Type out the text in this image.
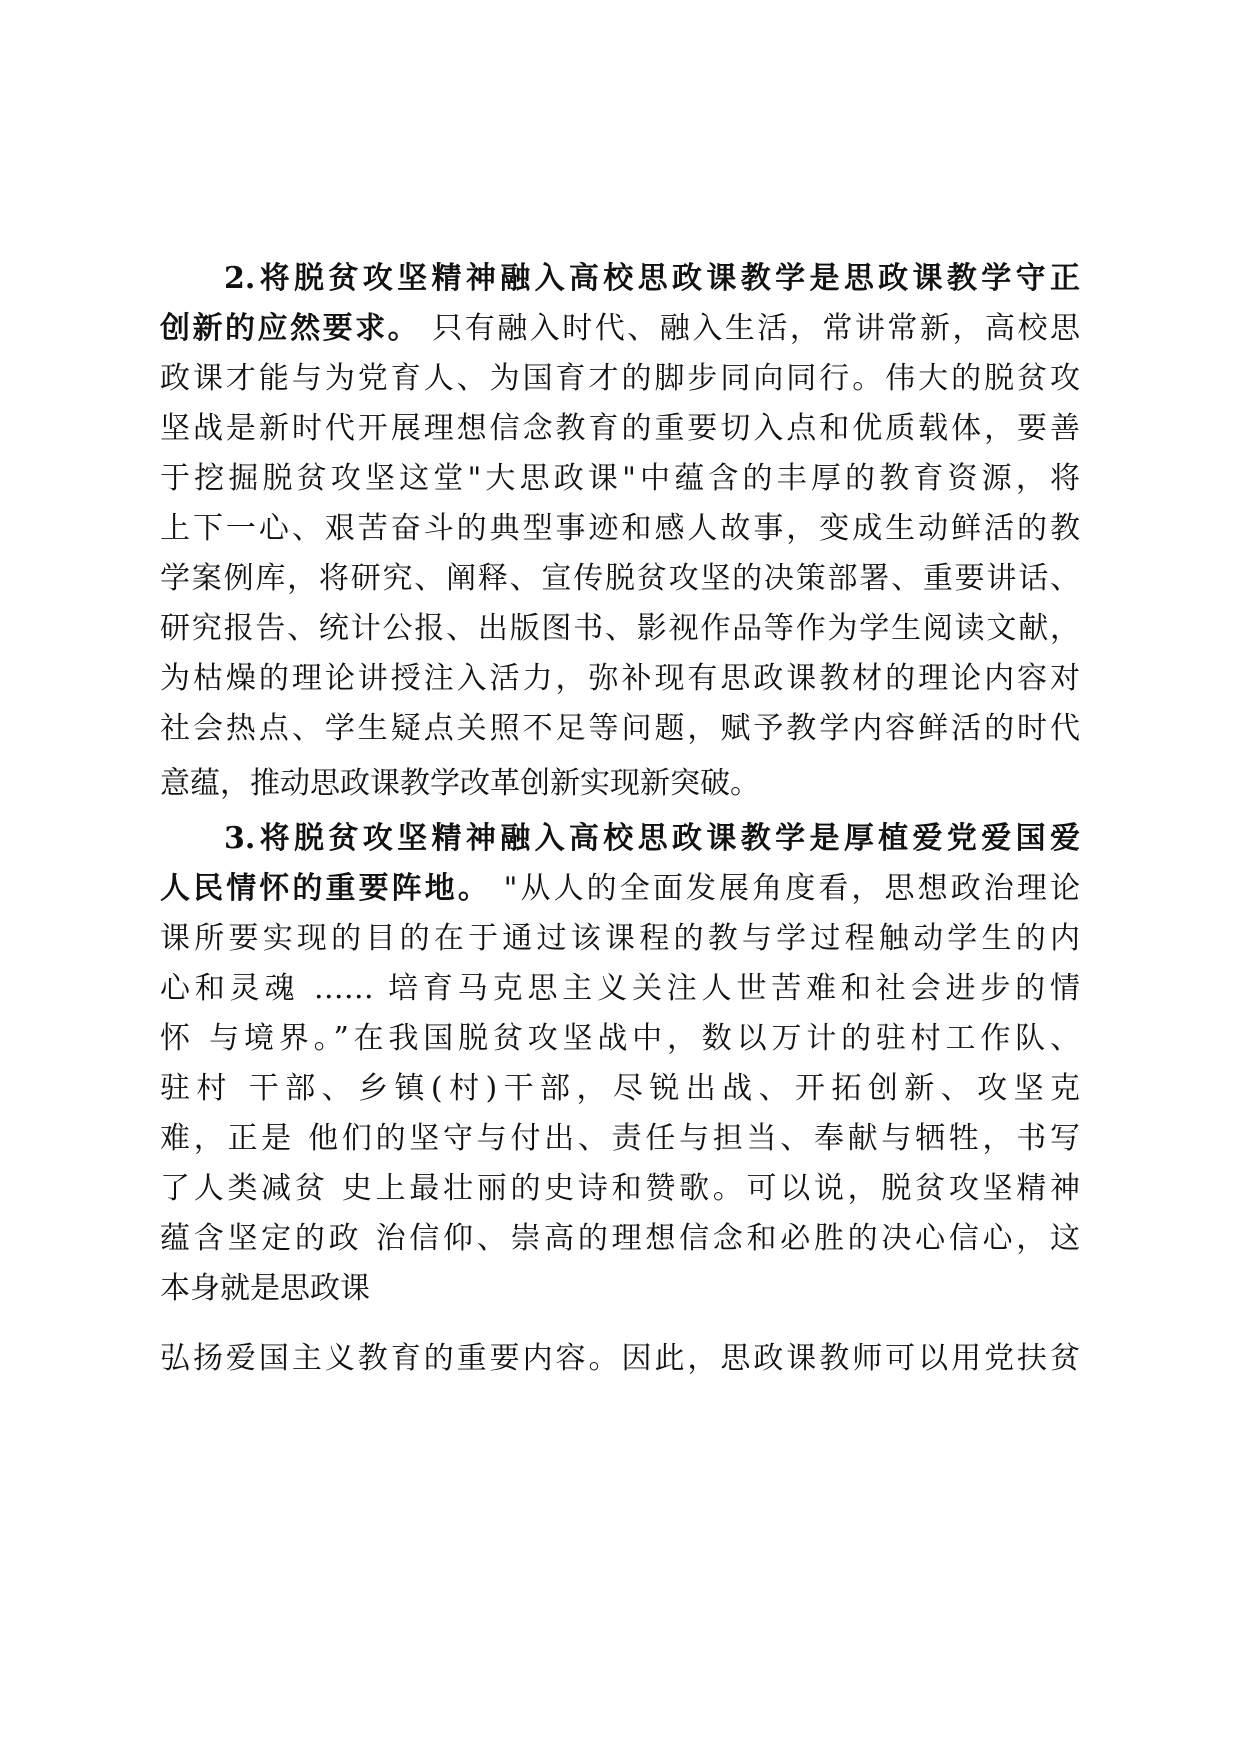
2.将脱贫攻坚精神融入高校思政课教学是思政课教学守正
创新的应然要求。 只有融入时代、融入生活，常讲常新，高校思
政课才能与为党育人、为国育才的脚步同向同行。伟大的脱贫攻
坚战是新时代开展理想信念教育的重要切入点和优质载体，要善
于挖掘脱贫攻坚这堂"大思政课"中蕴含的丰厚的教育资源，将
上下一心、艰苦奋斗的典型事迹和感人故事，变成生动鲜活的教
学案例库，将研究、阐释、宣传脱贫攻坚的决策部署、重要讲话、
研究报告、统计公报、出版图书、影视作品等作为学生阅读文献，
为枯燥的理论讲授注入活力，弥补现有思政课教材的理论内容对
社会热点、学生疑点关照不足等问题，赋予教学内容鲜活的时代
意蕴，推动思政课教学改革创新实现新突破。
3.将脱贫攻坚精神融入高校思政课教学是厚植爱党爱国爱
人民情怀的重要阵地。 "从人的全面发展角度看，思想政治理论
课所要实现的目的在于通过该课程的教与学过程触动学生的内
心和灵魂 …… 培育马克思主义关注人世苦难和社会进步的情
怀 与境界。”在我国脱贫攻坚战中，数以万计的驻村工作队、
驻村 干部、乡镇(村)干部，尽锐出战、开拓创新、攻坚克
难，正是 他们的坚守与付出、责任与担当、奉献与牺牲，书写
了人类减贫 史上最壮丽的史诗和赞歌。可以说，脱贫攻坚精神
蕴含坚定的政 治信仰、崇高的理想信念和必胜的决心信心，这
本身就是思政课
弘扬爱国主义教育的重要内容。因此，思政课教师可以用党扶贫
